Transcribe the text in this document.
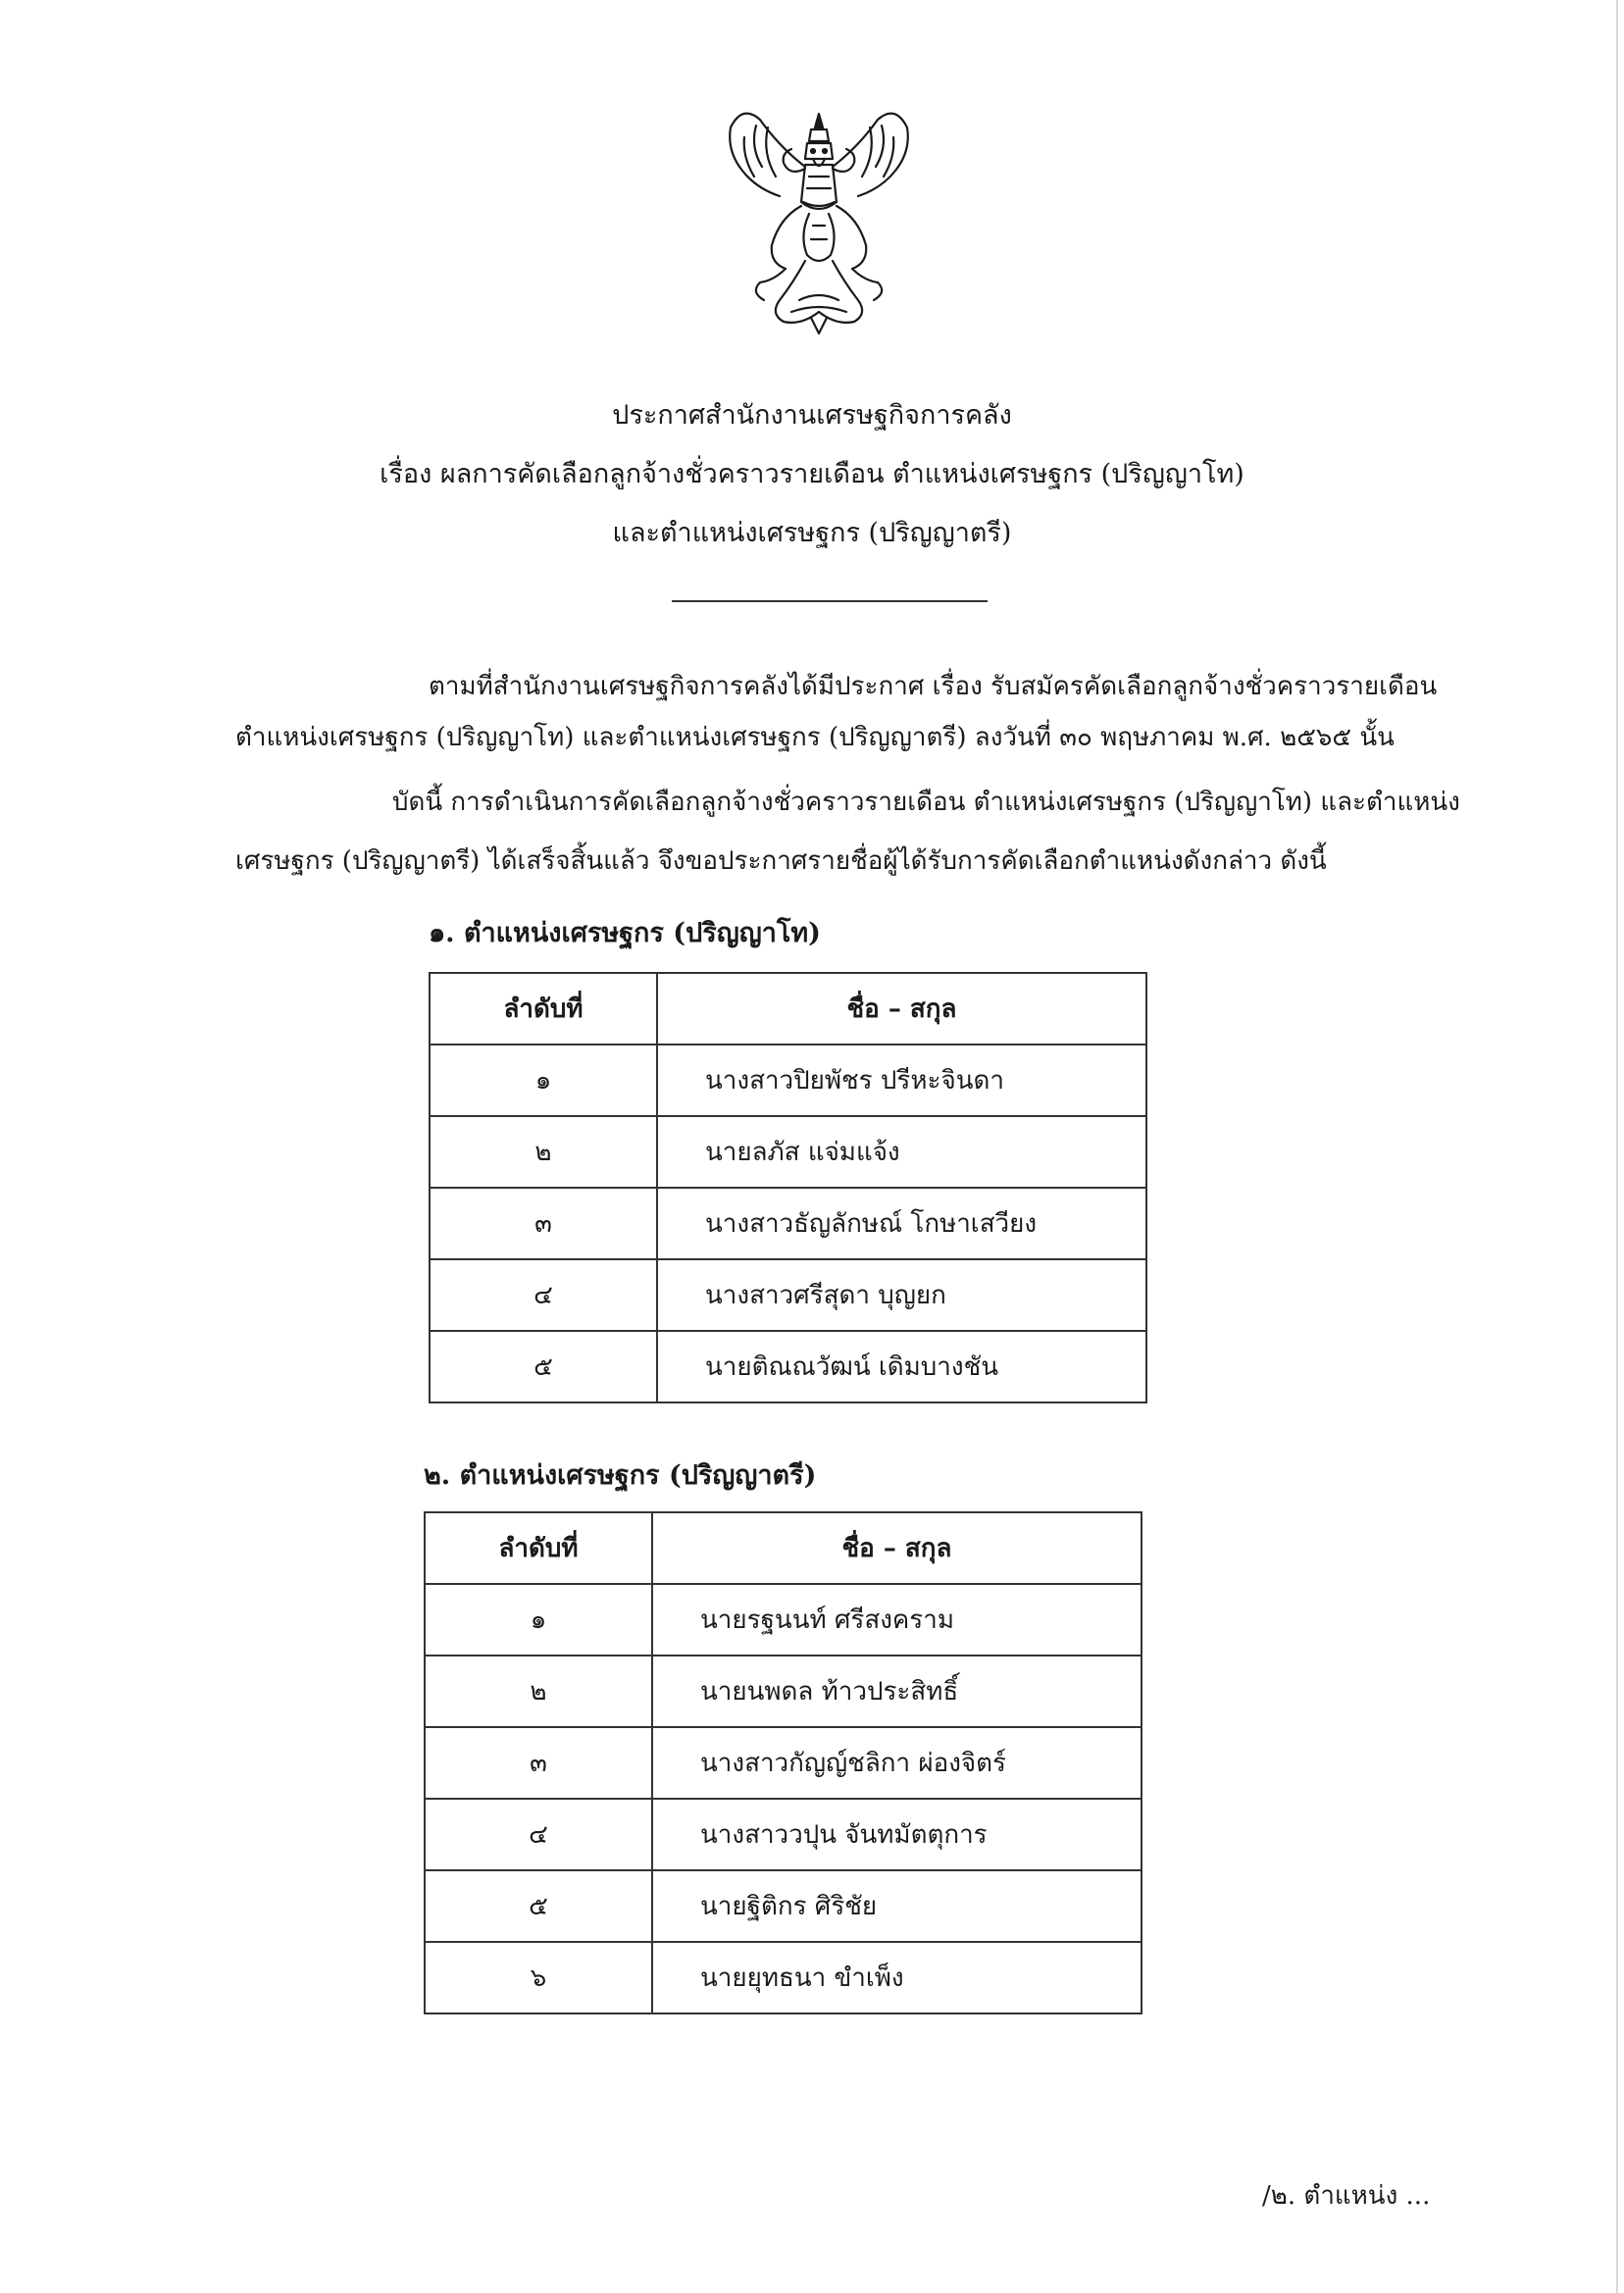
ประกาศสำนักงานเศรษฐกิจการคลัง
เรื่อง ผลการคัดเลือกลูกจ้างชั่วคราวรายเดือน ตำแหน่งเศรษฐกร (ปริญญาโท)
และตำแหน่งเศรษฐกร (ปริญญาตรี)
ตามที่สำนักงานเศรษฐกิจการคลังได้มีประกาศ เรื่อง รับสมัครคัดเลือกลูกจ้างชั่วคราวรายเดือน
ตำแหน่งเศรษฐกร (ปริญญาโท) และตำแหน่งเศรษฐกร (ปริญญาตรี) ลงวันที่ ๓๐ พฤษภาคม พ.ศ. ๒๕๖๕ นั้น
บัดนี้ การดำเนินการคัดเลือกลูกจ้างชั่วคราวรายเดือน ตำแหน่งเศรษฐกร (ปริญญาโท) และตำแหน่ง
เศรษฐกร (ปริญญาตรี) ได้เสร็จสิ้นแล้ว จึงขอประกาศรายชื่อผู้ได้รับการคัดเลือกตำแหน่งดังกล่าว ดังนี้
๑. ตำแหน่งเศรษฐกร (ปริญญาโท)
ลำดับที่	ชื่อ – สกุล
๑	นางสาวปิยพัชร ปรีหะจินดา
๒	นายลภัส แจ่มแจ้ง
๓	นางสาวธัญลักษณ์ โกษาเสวียง
๔	นางสาวศรีสุดา บุญยก
๕	นายติณณวัฒน์ เดิมบางชัน
๒. ตำแหน่งเศรษฐกร (ปริญญาตรี)
ลำดับที่	ชื่อ – สกุล
๑	นายรฐนนท์ ศรีสงคราม
๒	นายนพดล ท้าวประสิทธิ์
๓	นางสาวกัญญ์ชลิกา ผ่องจิตร์
๔	นางสาววปุน จันทมัตตุการ
๕	นายฐิติกร ศิริชัย
๖	นายยุทธนา ขำเพ็ง
/๒. ตำแหน่ง ...
